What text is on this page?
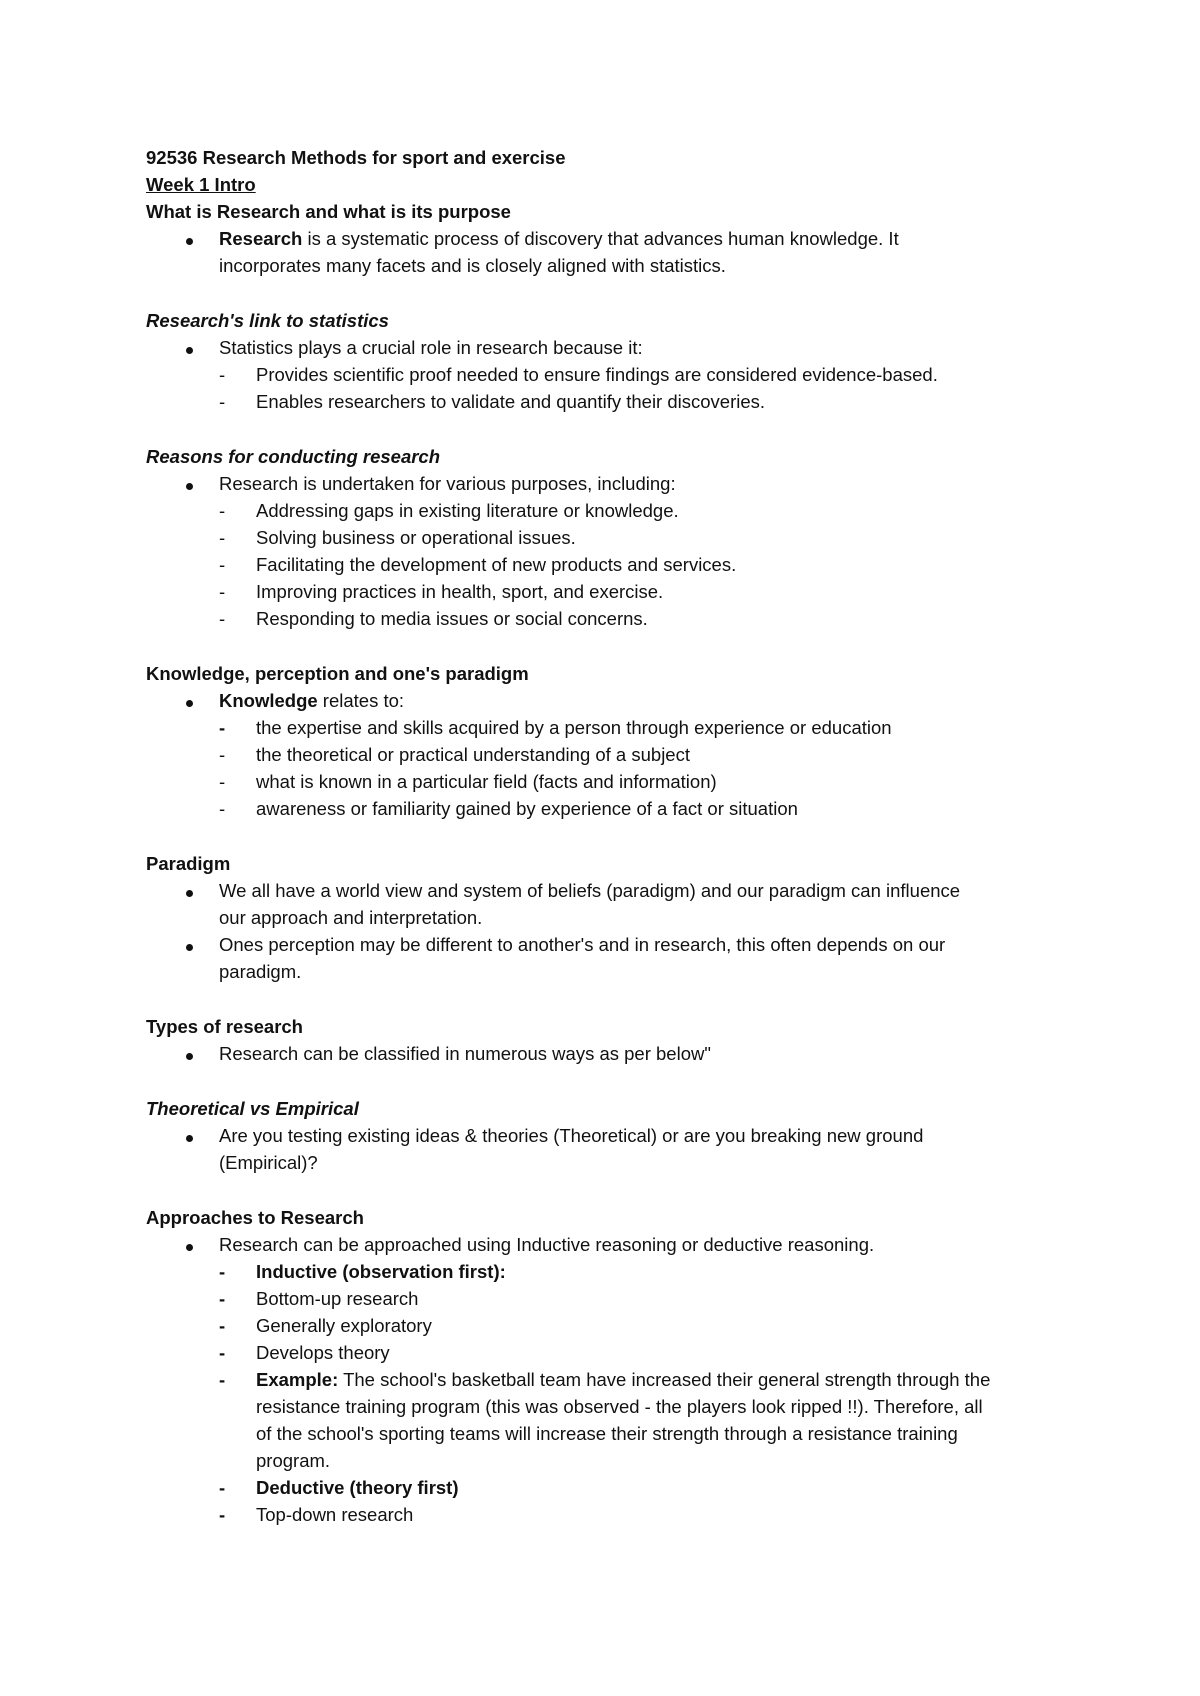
92536 Research Methods for sport and exercise
Week 1 Intro
What is Research and what is its purpose
Research is a systematic process of discovery that advances human knowledge. It
incorporates many facets and is closely aligned with statistics.
Research's link to statistics
Statistics plays a crucial role in research because it:
- Provides scientific proof needed to ensure findings are considered evidence-based.
- Enables researchers to validate and quantify their discoveries.
Reasons for conducting research
Research is undertaken for various purposes, including:
- Addressing gaps in existing literature or knowledge.
- Solving business or operational issues.
- Facilitating the development of new products and services.
- Improving practices in health, sport, and exercise.
- Responding to media issues or social concerns.
Knowledge, perception and one's paradigm
Knowledge relates to:
- the expertise and skills acquired by a person through experience or education
- the theoretical or practical understanding of a subject
- what is known in a particular field (facts and information)
- awareness or familiarity gained by experience of a fact or situation
Paradigm
We all have a world view and system of beliefs (paradigm) and our paradigm can influence
our approach and interpretation.
Ones perception may be different to another's and in research, this often depends on our
paradigm.
Types of research
Research can be classified in numerous ways as per below"
Theoretical vs Empirical
Are you testing existing ideas & theories (Theoretical) or are you breaking new ground
(Empirical)?
Approaches to Research
Research can be approached using Inductive reasoning or deductive reasoning.
- Inductive (observation first):
- Bottom-up research
- Generally exploratory
- Develops theory
- Example: The school's basketball team have increased their general strength through the
resistance training program (this was observed - the players look ripped !!). Therefore, all
of the school's sporting teams will increase their strength through a resistance training
program.
- Deductive (theory first)
- Top-down research
